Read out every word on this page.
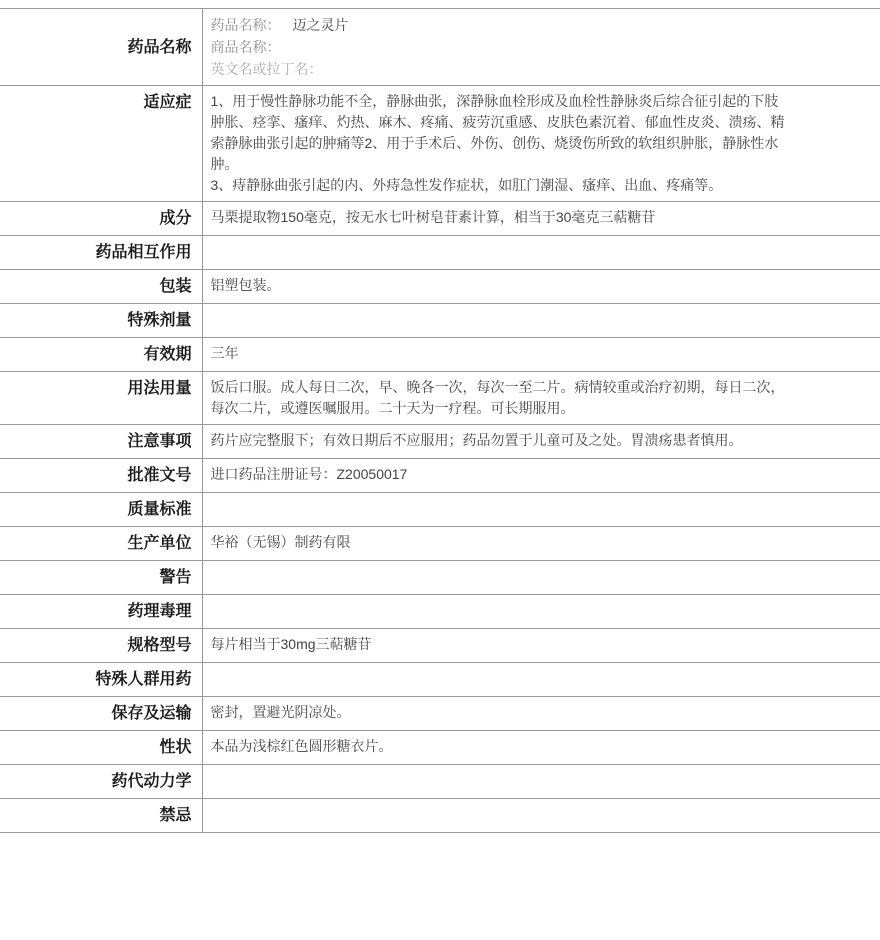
药品名称	药品名称： 迈之灵片
商品名称：
英文名或拉丁名：

适应症	1、用于慢性静脉功能不全，静脉曲张，深静脉血栓形成及血栓性静脉炎后综合征引起的下肢肿胀、痉挛、瘙痒、灼热、麻木、疼痛、疲劳沉重感、皮肤色素沉着、郁血性皮炎、溃疡、精索静脉曲张引起的肿痛等2、用于手术后、外伤、创伤、烧烫伤所致的软组织肿胀，静脉性水肿。
3、痔静脉曲张引起的内、外痔急性发作症状，如肛门潮湿、瘙痒、出血、疼痛等。

成分	马栗提取物150毫克，按无水七叶树皂苷素计算，相当于30毫克三萜糖苷

药品相互作用	

包装	铝塑包装。

特殊剂量	

有效期	三年

用法用量	饭后口服。成人每日二次，早、晚各一次，每次一至二片。病情较重或治疗初期，每日二次，每次二片，或遵医嘱服用。二十天为一疗程。可长期服用。

注意事项	药片应完整服下；有效日期后不应服用；药品勿置于儿童可及之处。胃溃疡患者慎用。

批准文号	进口药品注册证号：Z20050017

质量标准	

生产单位	华裕（无锡）制药有限

警告	

药理毒理	

规格型号	每片相当于30mg三萜糖苷

特殊人群用药	

保存及运输	密封，置避光阴凉处。

性状	本品为浅棕红色圆形糖衣片。

药代动力学	

禁忌	
